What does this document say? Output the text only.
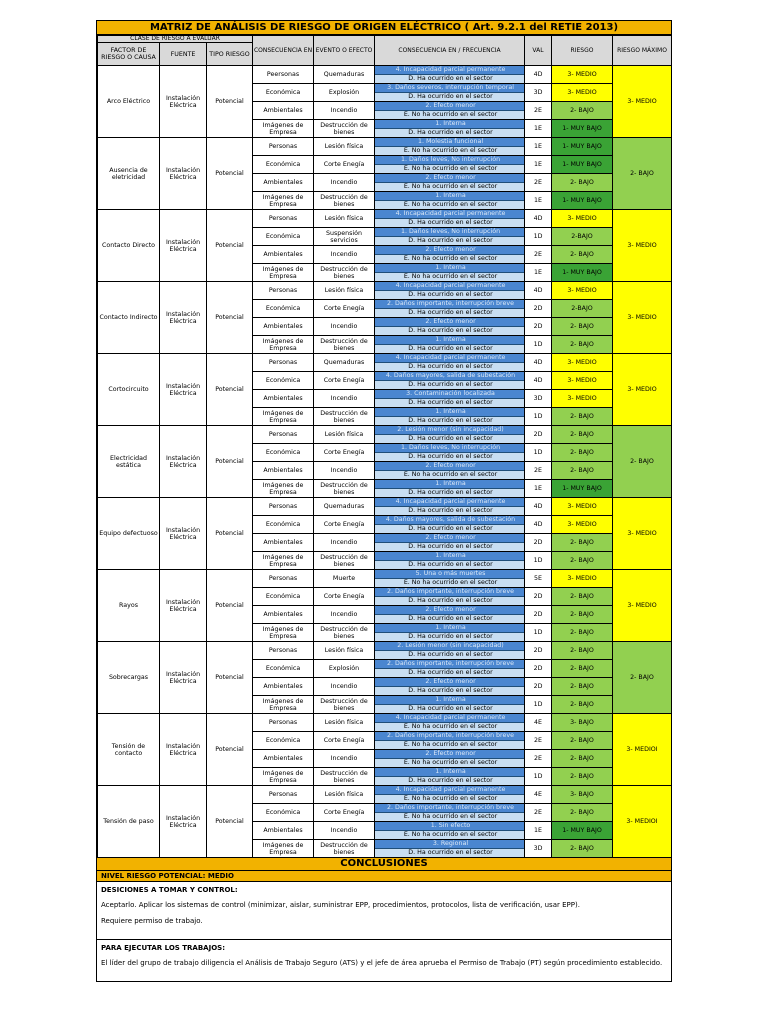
MATRIZ DE ANÁLISIS DE RIESGO DE ORIGEN ELÉCTRICO ( Art. 9.2.1 del RETIE 2013)
CLASE DE RIESGO A EVALUAR			CONSECUENCIA EN	EVENTO O EFECTO	CONSECUENCIA EN / FRECUENCIA	VAL	RIESGO	RIESGO MÁXIMO
FACTOR DE RIESGO O CAUSA	FUENTE	TIPO RIESGO						
Arco Eléctrico	Instalación Eléctrica	Potencial	Peersonas	Quemaduras	4. Incapacidad parcial permanente
D. Ha ocurrido en el sector	4D	3- MEDIO	3- MEDIO
			Económica	Explosión	3. Daños severos, interrupción temporal
D. Ha ocurrido en el sector	3D	3- MEDIO	
			Ambientales	Incendio	2. Efecto menor
E. No ha ocurrido en el sector	2E	2- BAJO	
			Imágenes de Empresa	Destrucción de bienes	1. Interna
D. Ha ocurrido en el sector	1E	1- MUY BAJO	
Ausencia de eletricidad	Instalación Eléctrica	Potencial	Personas	Lesión física	1. Molestia funcional
E. No ha ocurrido en el sector	1E	1- MUY BAJO	2- BAJO
			Económica	Corte Enegía	1. Daños leves, No interrupción
E. No ha ocurrido en el sector	1E	1- MUY BAJO	
			Ambientales	Incendio	2. Efecto menor
E. No ha ocurrido en el sector	2E	2- BAJO	
			Imágenes de Empresa	Destrucción de bienes	1. Interna
E. No ha ocurrido en el sector	1E	1- MUY BAJO	
Contacto Directo	Instalación Eléctrica	Potencial	Personas	Lesión física	4. Incapacidad parcial permanente
D. Ha ocurrido en el sector	4D	3- MEDIO	3- MEDIO
			Económica	Suspensión servicios	1. Daños leves, No interrupción
D. Ha ocurrido en el sector	1D	2-BAJO	
			Ambientales	Incendio	2. Efecto menor
E. No ha ocurrido en el sector	2E	2- BAJO	
			Imágenes de Empresa	Destrucción de bienes	1. Interna
E. No ha ocurrido en el sector	1E	1- MUY BAJO	
Contacto Indirecto	Instalación Eléctrica	Potencial	Personas	Lesión física	4. Incapacidad parcial permanente
D. Ha ocurrido en el sector	4D	3- MEDIO	3- MEDIO
			Económica	Corte Enegía	2. Daños importante, interrupción breve
D. Ha ocurrido en el sector	2D	2-BAJO	
			Ambientales	Incendio	2. Efecto menor
D. Ha ocurrido en el sector	2D	2- BAJO	
			Imágenes de Empresa	Destrucción de bienes	1. Interna
D. Ha ocurrido en el sector	1D	2- BAJO	
Cortocircuito	Instalación Eléctrica	Potencial	Personas	Quemaduras	4. Incapacidad parcial permanente
D. Ha ocurrido en el sector	4D	3- MEDIO	3- MEDIO
			Económica	Corte Enegía	4. Daños mayores, salida de subestación
D. Ha ocurrido en el sector	4D	3- MEDIO	
			Ambientales	Incendio	3. Contaminación localizada
D. Ha ocurrido en el sector	3D	3- MEDIO	
			Imágenes de Empresa	Destrucción de bienes	1. Interna
D. Ha ocurrido en el sector	1D	2- BAJO	
Electricidad estática	Instalación Eléctrica	Potencial	Personas	Lesión física	2. Lesión menor (sin incapacidad)
D. Ha ocurrido en el sector	2D	2- BAJO	2- BAJO
			Económica	Corte Enegía	1. Daños leves, No interrupción
D. Ha ocurrido en el sector	1D	2- BAJO	
			Ambientales	Incendio	2. Efecto menor
E. No ha ocurrido en el sector	2E	2- BAJO	
			Imágenes de Empresa	Destrucción de bienes	1. Interna
D. Ha ocurrido en el sector	1E	1- MUY BAJO	
Equipo defectuoso	Instalación Eléctrica	Potencial	Personas	Quemaduras	4. Incapacidad parcial permanente
D. Ha ocurrido en el sector	4D	3- MEDIO	3- MEDIO
			Económica	Corte Enegía	4. Daños mayores, salida de subestación
D. Ha ocurrido en el sector	4D	3- MEDIO	
			Ambientales	Incendio	2. Efecto menor
D. Ha ocurrido en el sector	2D	2- BAJO	
			Imágenes de Empresa	Destrucción de bienes	1. Interna
D. Ha ocurrido en el sector	1D	2- BAJO	
Rayos	Instalación Eléctrica	Potencial	Personas	Muerte	5. Una o más muertes
E. No ha ocurrido en el sector	5E	3- MEDIO	3- MEDIO
			Económica	Corte Enegía	2. Daños importante, interrupción breve
D. Ha ocurrido en el sector	2D	2- BAJO	
			Ambientales	Incendio	2. Efecto menor
D. Ha ocurrido en el sector	2D	2- BAJO	
			Imágenes de Empresa	Destrucción de bienes	1. Interna
D. Ha ocurrido en el sector	1D	2- BAJO	
Sobrecargas	Instalación Eléctrica	Potencial	Personas	Lesión física	2. Lesión menor (sin incapacidad)
D. Ha ocurrido en el sector	2D	2- BAJO	2- BAJO
			Económica	Explosión	2. Daños importante, interrupción breve
D. Ha ocurrido en el sector	2D	2- BAJO	
			Ambientales	Incendio	2. Efecto menor
D. Ha ocurrido en el sector	2D	2- BAJO	
			Imágenes de Empresa	Destrucción de bienes	1. Interna
D. Ha ocurrido en el sector	1D	2- BAJO	
Tensión de contacto	Instalación Eléctrica	Potencial	Personas	Lesión física	4. Incapacidad parcial permanente
E. No ha ocurrido en el sector	4E	3- BAJO	3- MEDIOI
			Económica	Corte Enegía	2. Daños importante, interrupción breve
E. No ha ocurrido en el sector	2E	2- BAJO	
			Ambientales	Incendio	2. Efecto menor
E. No ha ocurrido en el sector	2E	2- BAJO	
			Imágenes de Empresa	Destrucción de bienes	1. Interna
D. Ha ocurrido en el sector	1D	2- BAJO	
Tensión de paso	Instalación Eléctrica	Potencial	Personas	Lesión física	4. Incapacidad parcial permanente
E. No ha ocurrido en el sector	4E	3- BAJO	3- MEDIOI
			Económica	Corte Enegía	2. Daños importante, interrupción breve
E. No ha ocurrido en el sector	2E	2- BAJO	
			Ambientales	Incendio	1. Sin efecto
E. No ha ocurrido en el sector	1E	1- MUY BAJO	
			Imágenes de Empresa	Destrucción de bienes	3. Regional
D. Ha ocurrido en el sector	3D	2- BAJO	
CONCLUSIONES
NIVEL RIESGO POTENCIAL: MEDIO
DESICIONES A TOMAR Y CONTROL:

Aceptarlo. Aplicar los sistemas de control (minimizar, aislar, suministrar EPP, procedimientos, protocolos, lista de verificación, usar EPP).

Requiere permiso de trabajo.

PARA EJECUTAR LOS TRABAJOS:

El líder del grupo de trabajo diligencia el Análisis de Trabajo Seguro (ATS) y el jefe de área aprueba el Permiso de Trabajo (PT) según procedimiento establecido.
